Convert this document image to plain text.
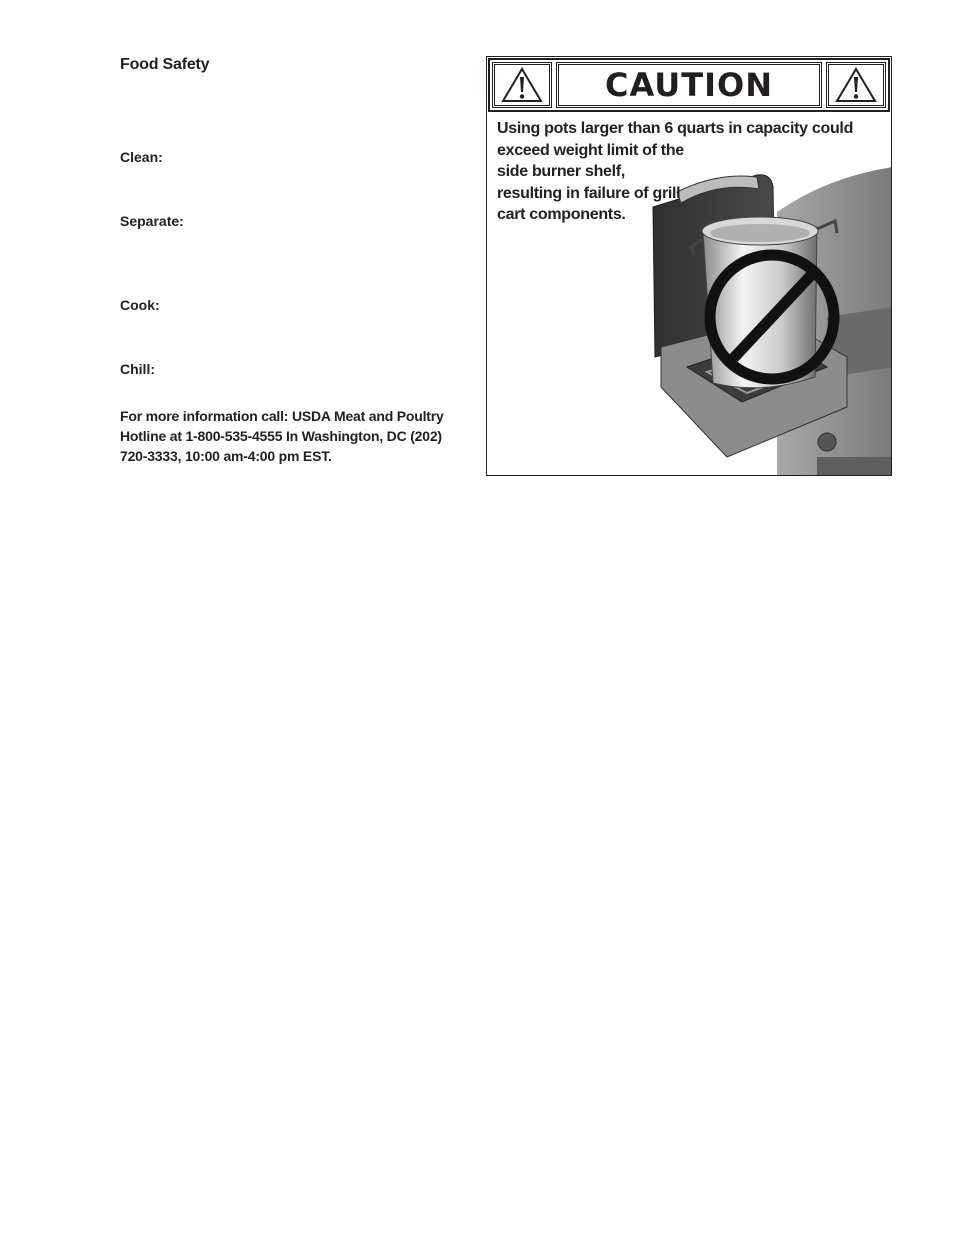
Food Safety
Clean:
Separate:
Cook:
Chill:
For more information call: USDA Meat and Poultry Hotline at 1-800-535-4555 In Washington, DC (202) 720-3333, 10:00 am-4:00 pm EST.
CAUTION
Using pots larger than 6 quarts in capacity could

exceed weight limit of the side burner shelf, resulting in failure of grill cart components.
